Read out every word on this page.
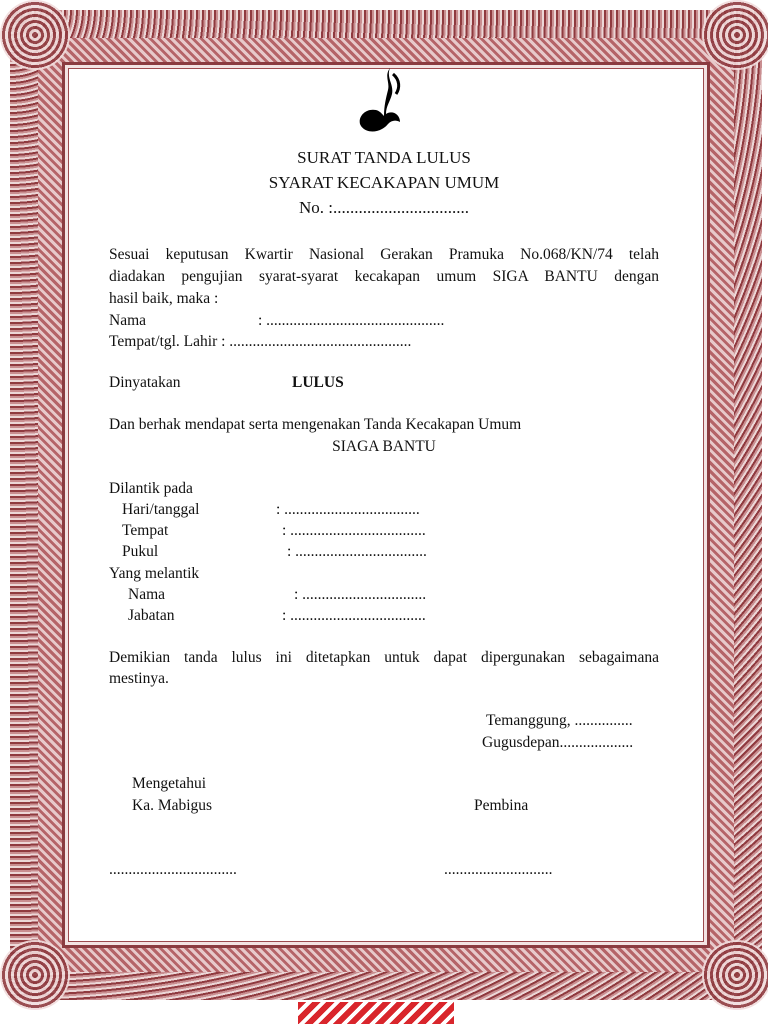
SURAT TANDA LULUS
SYARAT KECAKAPAN UMUM
No. :................................
Sesuai keputusan Kwartir Nasional Gerakan Pramuka No.068/KN/74 telah
diadakan pengujian syarat-syarat kecakapan umum SIGA BANTU dengan
hasil baik, maka :
Nama	: ..............................................
Tempat/tgl. Lahir : ...............................................
Dinyatakan	LULUS
Dan berhak mendapat serta mengenakan Tanda Kecakapan Umum
SIAGA BANTU
Dilantik pada
Hari/tanggal	: ...................................
Tempat	: ...................................
Pukul	: ..................................
Yang melantik
Nama	: ................................
Jabatan	: ...................................
Demikian tanda lulus ini ditetapkan untuk dapat dipergunakan sebagaimana
mestinya.
Temanggung, ...............
Gugusdepan...................
Mengetahui
Ka. Mabigus	Pembina
.................................	............................
